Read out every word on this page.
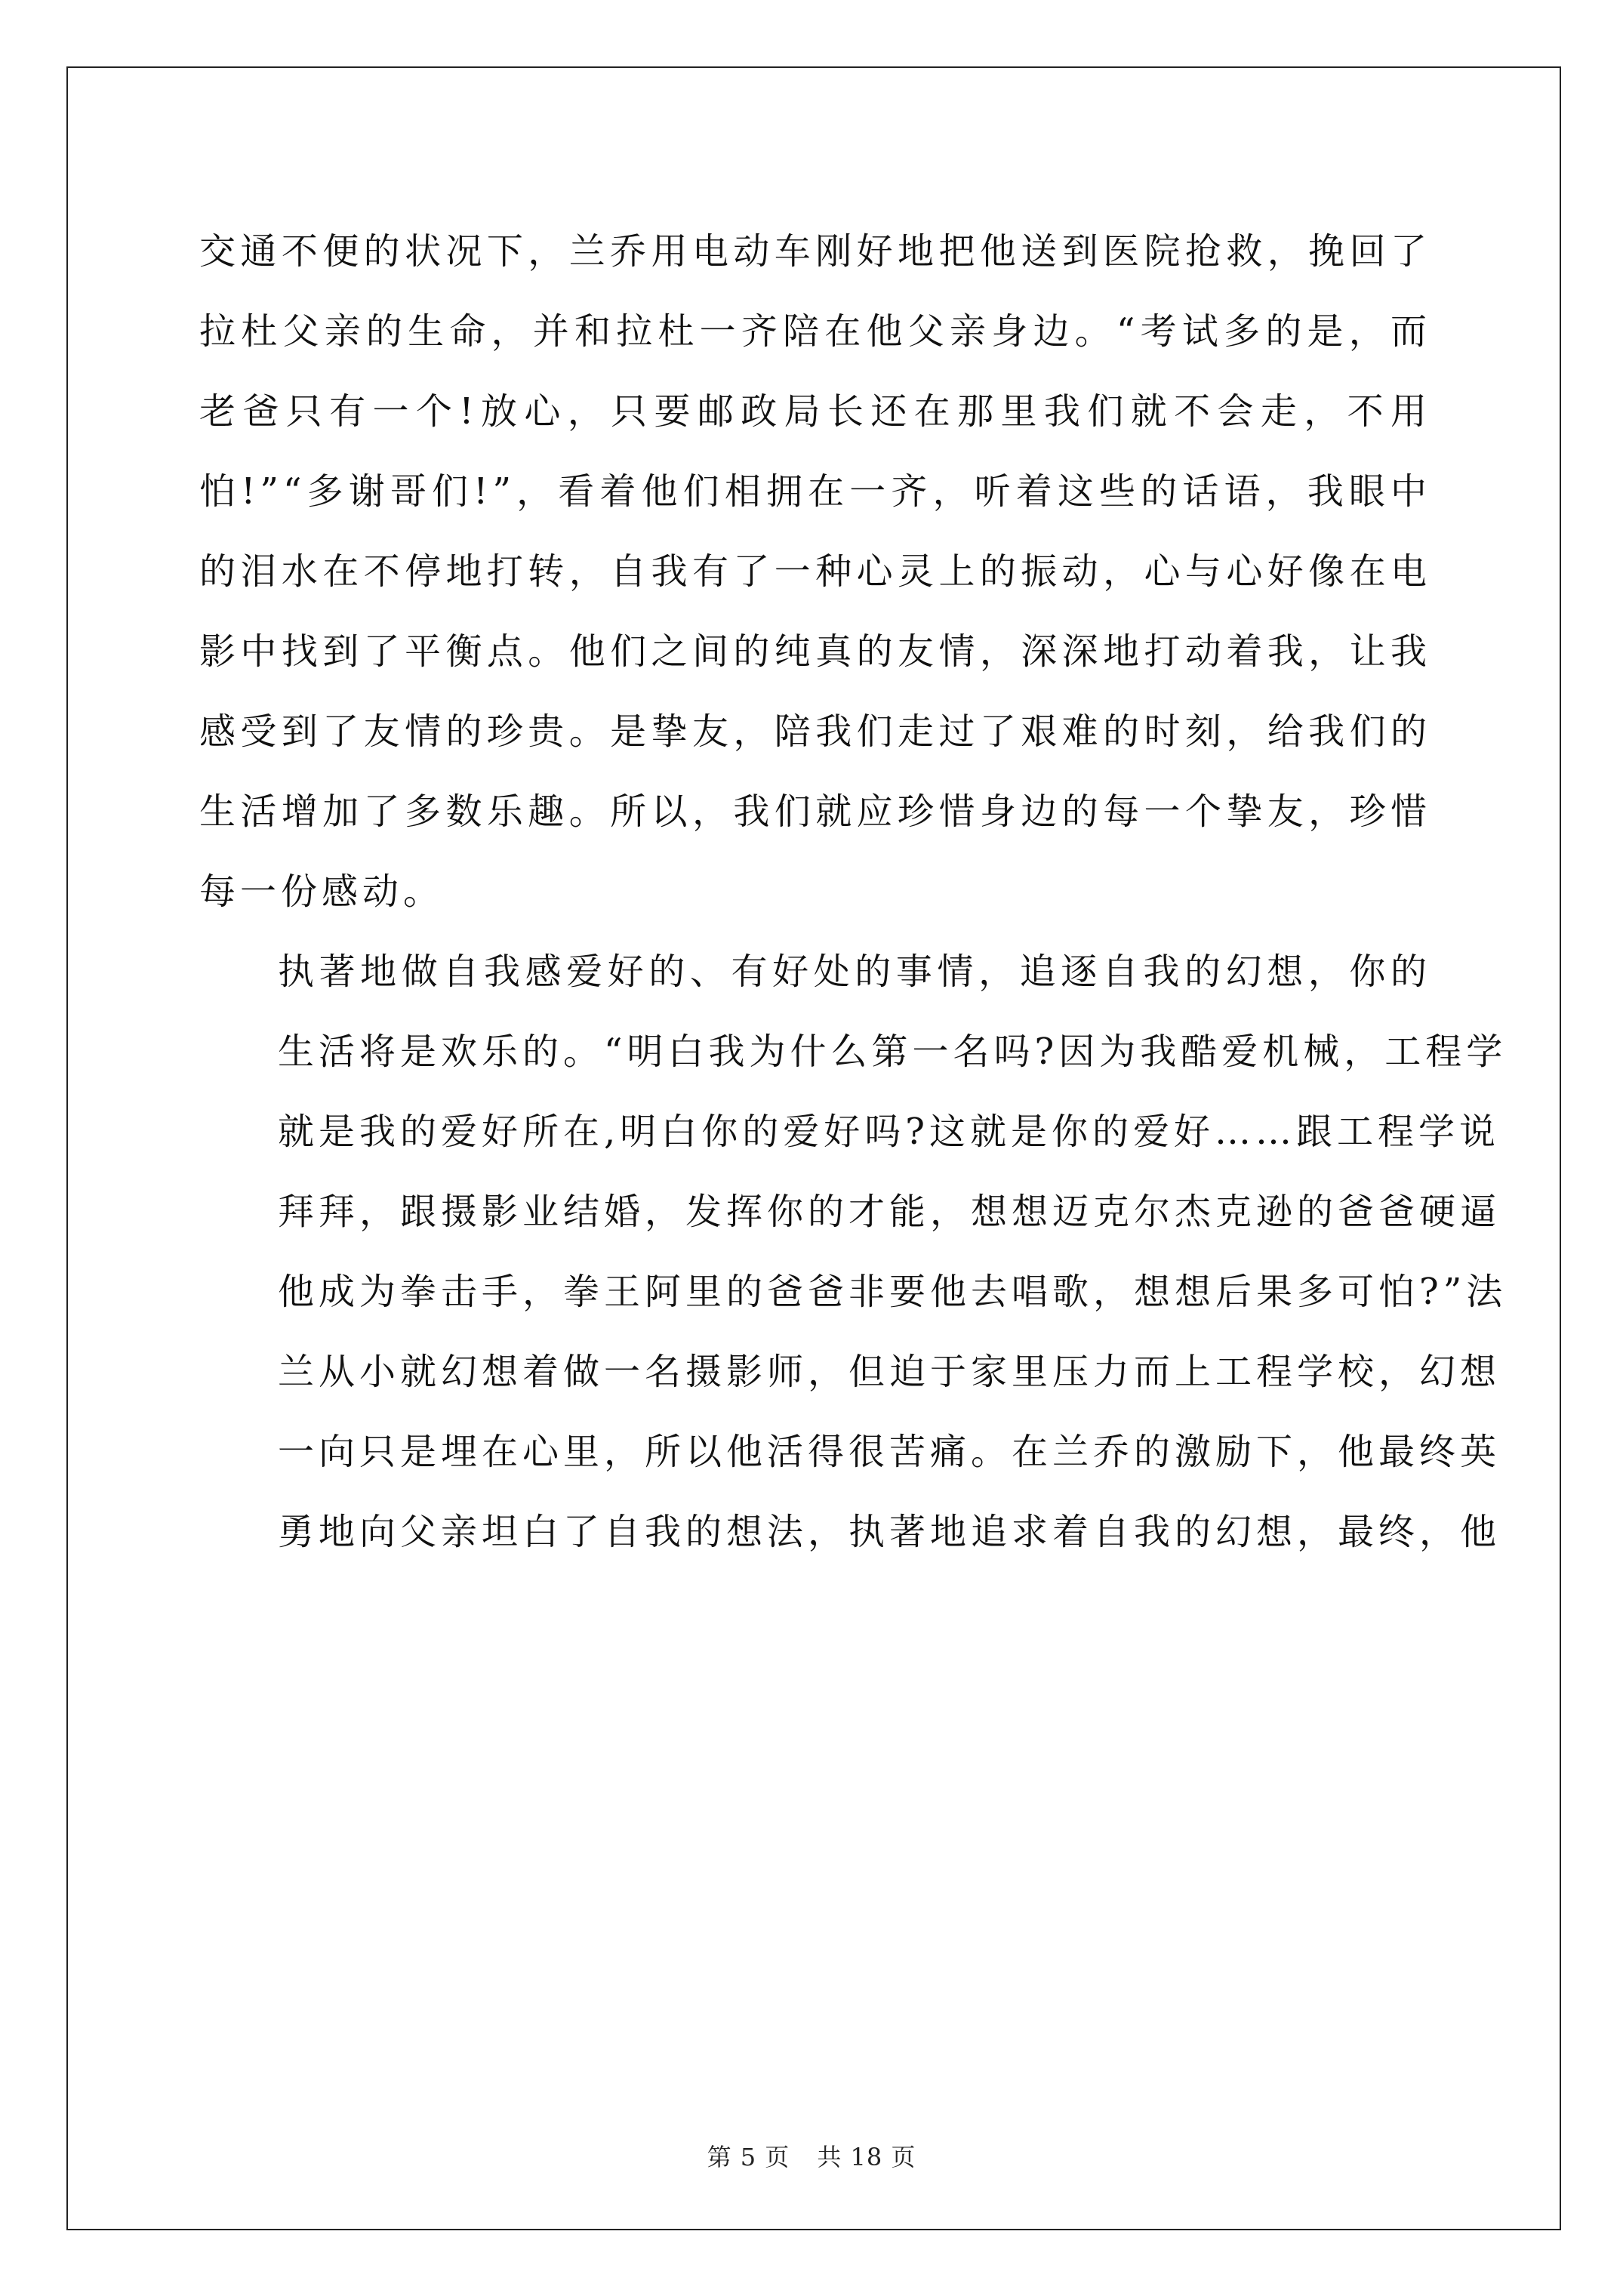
交通不便的状况下，兰乔用电动车刚好地把他送到医院抢救，挽回了
拉杜父亲的生命，并和拉杜一齐陪在他父亲身边。“考试多的是，而
老爸只有一个!放心，只要邮政局长还在那里我们就不会走，不用
怕!”“多谢哥们!”，看着他们相拥在一齐，听着这些的话语，我眼中
的泪水在不停地打转，自我有了一种心灵上的振动，心与心好像在电
影中找到了平衡点。他们之间的纯真的友情，深深地打动着我，让我
感受到了友情的珍贵。是挚友，陪我们走过了艰难的时刻，给我们的
生活增加了多数乐趣。所以，我们就应珍惜身边的每一个挚友，珍惜
每一份感动。

执著地做自我感爱好的、有好处的事情，追逐自我的幻想，你的
生活将是欢乐的。“明白我为什么第一名吗?因为我酷爱机械，工程学
就是我的爱好所在,明白你的爱好吗?这就是你的爱好……跟工程学说
拜拜，跟摄影业结婚，发挥你的才能，想想迈克尔杰克逊的爸爸硬逼
他成为拳击手，拳王阿里的爸爸非要他去唱歌，想想后果多可怕?”法
兰从小就幻想着做一名摄影师，但迫于家里压力而上工程学校，幻想
一向只是埋在心里，所以他活得很苦痛。在兰乔的激励下，他最终英
勇地向父亲坦白了自我的想法，执著地追求着自我的幻想，最终，他

第 5 页 共 18 页
